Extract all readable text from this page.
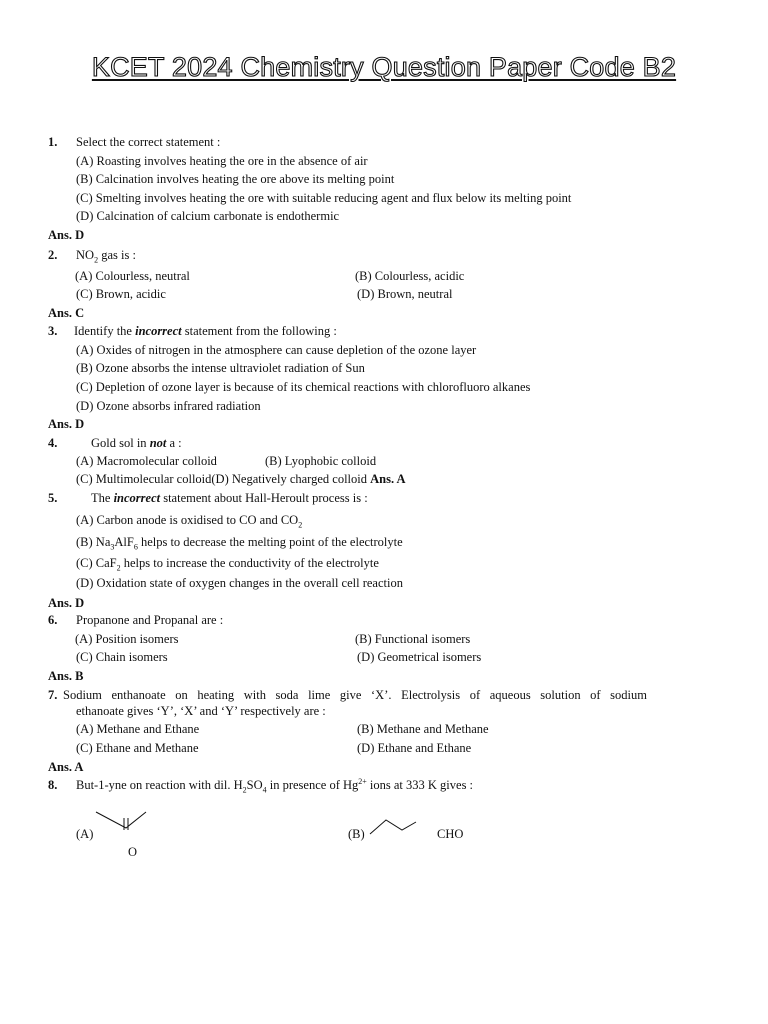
KCET 2024 Chemistry Question Paper Code B2
1. Select the correct statement :
(A) Roasting involves heating the ore in the absence of air
(B) Calcination involves heating the ore above its melting point
(C) Smelting involves heating the ore with suitable reducing agent and flux below its melting point
(D) Calcination of calcium carbonate is endothermic
Ans. D
2. $NO_2$ gas is :
(A) Colourless, neutral	(B) Colourless, acidic
(C) Brown, acidic	(D) Brown, neutral
Ans. C
3. Identify the incorrect statement from the following :
(A) Oxides of nitrogen in the atmosphere can cause depletion of the ozone layer
(B) Ozone absorbs the intense ultraviolet radiation of Sun
(C) Depletion of ozone layer is because of its chemical reactions with chlorofluoro alkanes
(D) Ozone absorbs infrared radiation
Ans. D
4.	Gold sol in not a :
(A) Macromolecular colloid	(B) Lyophobic colloid
(C) Multimolecular colloid(D) Negatively charged colloid Ans. A
5.	The incorrect statement about Hall-Heroult process is :
(A) Carbon anode is oxidised to CO and $CO_2$
(B) $Na_3AlF_6$ helps to decrease the melting point of the electrolyte
(C) CaF$_2$ helps to increase the conductivity of the electrolyte
(D) Oxidation state of oxygen changes in the overall cell reaction
Ans. D
6. Propanone and Propanal are :
(A) Position isomers	(B) Functional isomers
(C) Chain isomers	(D) Geometrical isomers
Ans. B
7. Sodium enthanoate on heating with soda lime give ‘X’. Electrolysis of aqueous solution of sodium
ethanoate gives ‘Y’, ‘X’ and ‘Y’ respectively are :
(A) Methane and Ethane	(B) Methane and Methane
(C) Ethane and Methane	(D) Ethane and Ethane
Ans. A
8. But-1-yne on reaction with dil. $H_2SO_4$ in presence of $Hg^{2+}$ ions at 333 K gives :
(A)
O
(B)	CHO
